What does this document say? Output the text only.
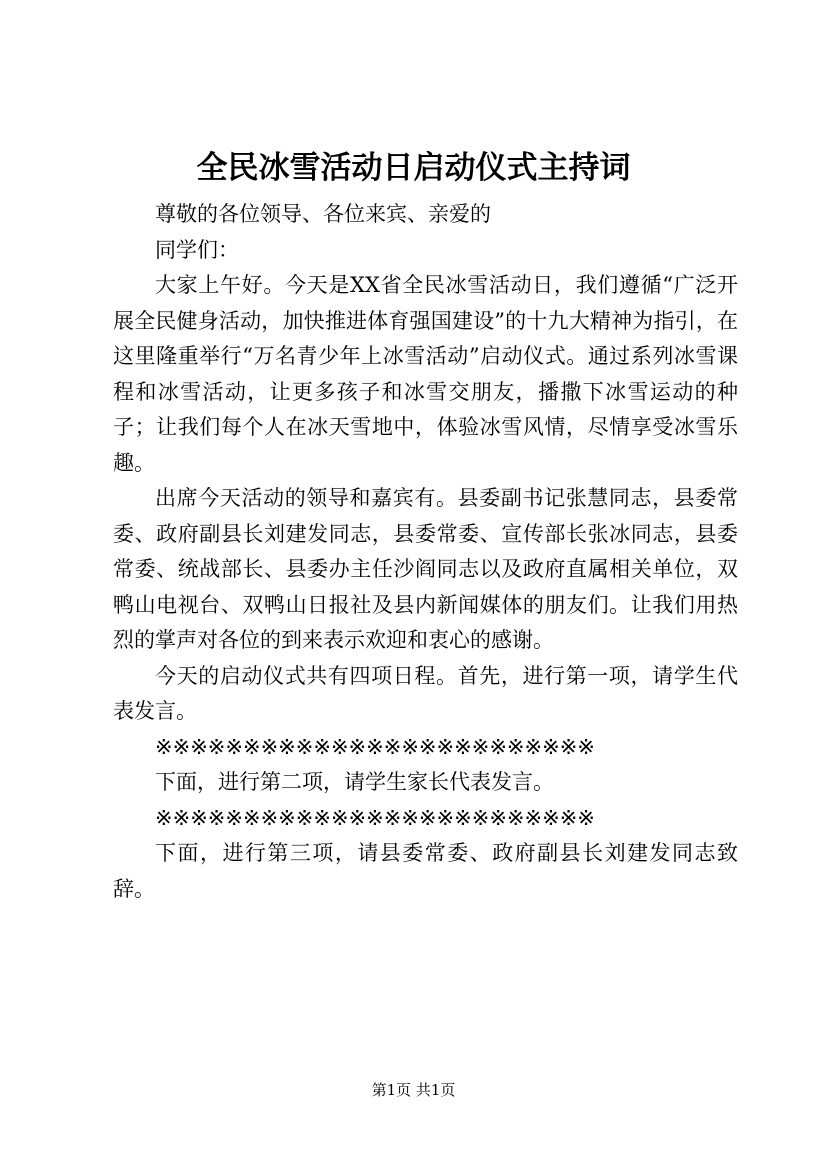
全民冰雪活动日启动仪式主持词

尊敬的各位领导、各位来宾、亲爱的

同学们：

大家上午好。今天是XX省全民冰雪活动日，我们遵循“广泛开展全民健身活动，加快推进体育强国建设”的十九大精神为指引，在这里隆重举行“万名青少年上冰雪活动”启动仪式。通过系列冰雪课程和冰雪活动，让更多孩子和冰雪交朋友，播撒下冰雪运动的种子；让我们每个人在冰天雪地中，体验冰雪风情，尽情享受冰雪乐趣。

出席今天活动的领导和嘉宾有。县委副书记张慧同志，县委常委、政府副县长刘建发同志，县委常委、宣传部长张冰同志，县委常委、统战部长、县委办主任沙阎同志以及政府直属相关单位，双鸭山电视台、双鸭山日报社及县内新闻媒体的朋友们。让我们用热烈的掌声对各位的到来表示欢迎和衷心的感谢。

今天的启动仪式共有四项日程。首先，进行第一项，请学生代表发言。

※※※※※※※※※※※※※※※※※※※※※※※※※

下面，进行第二项，请学生家长代表发言。

※※※※※※※※※※※※※※※※※※※※※※※※※

下面，进行第三项，请县委常委、政府副县长刘建发同志致辞。

第1页 共1页
